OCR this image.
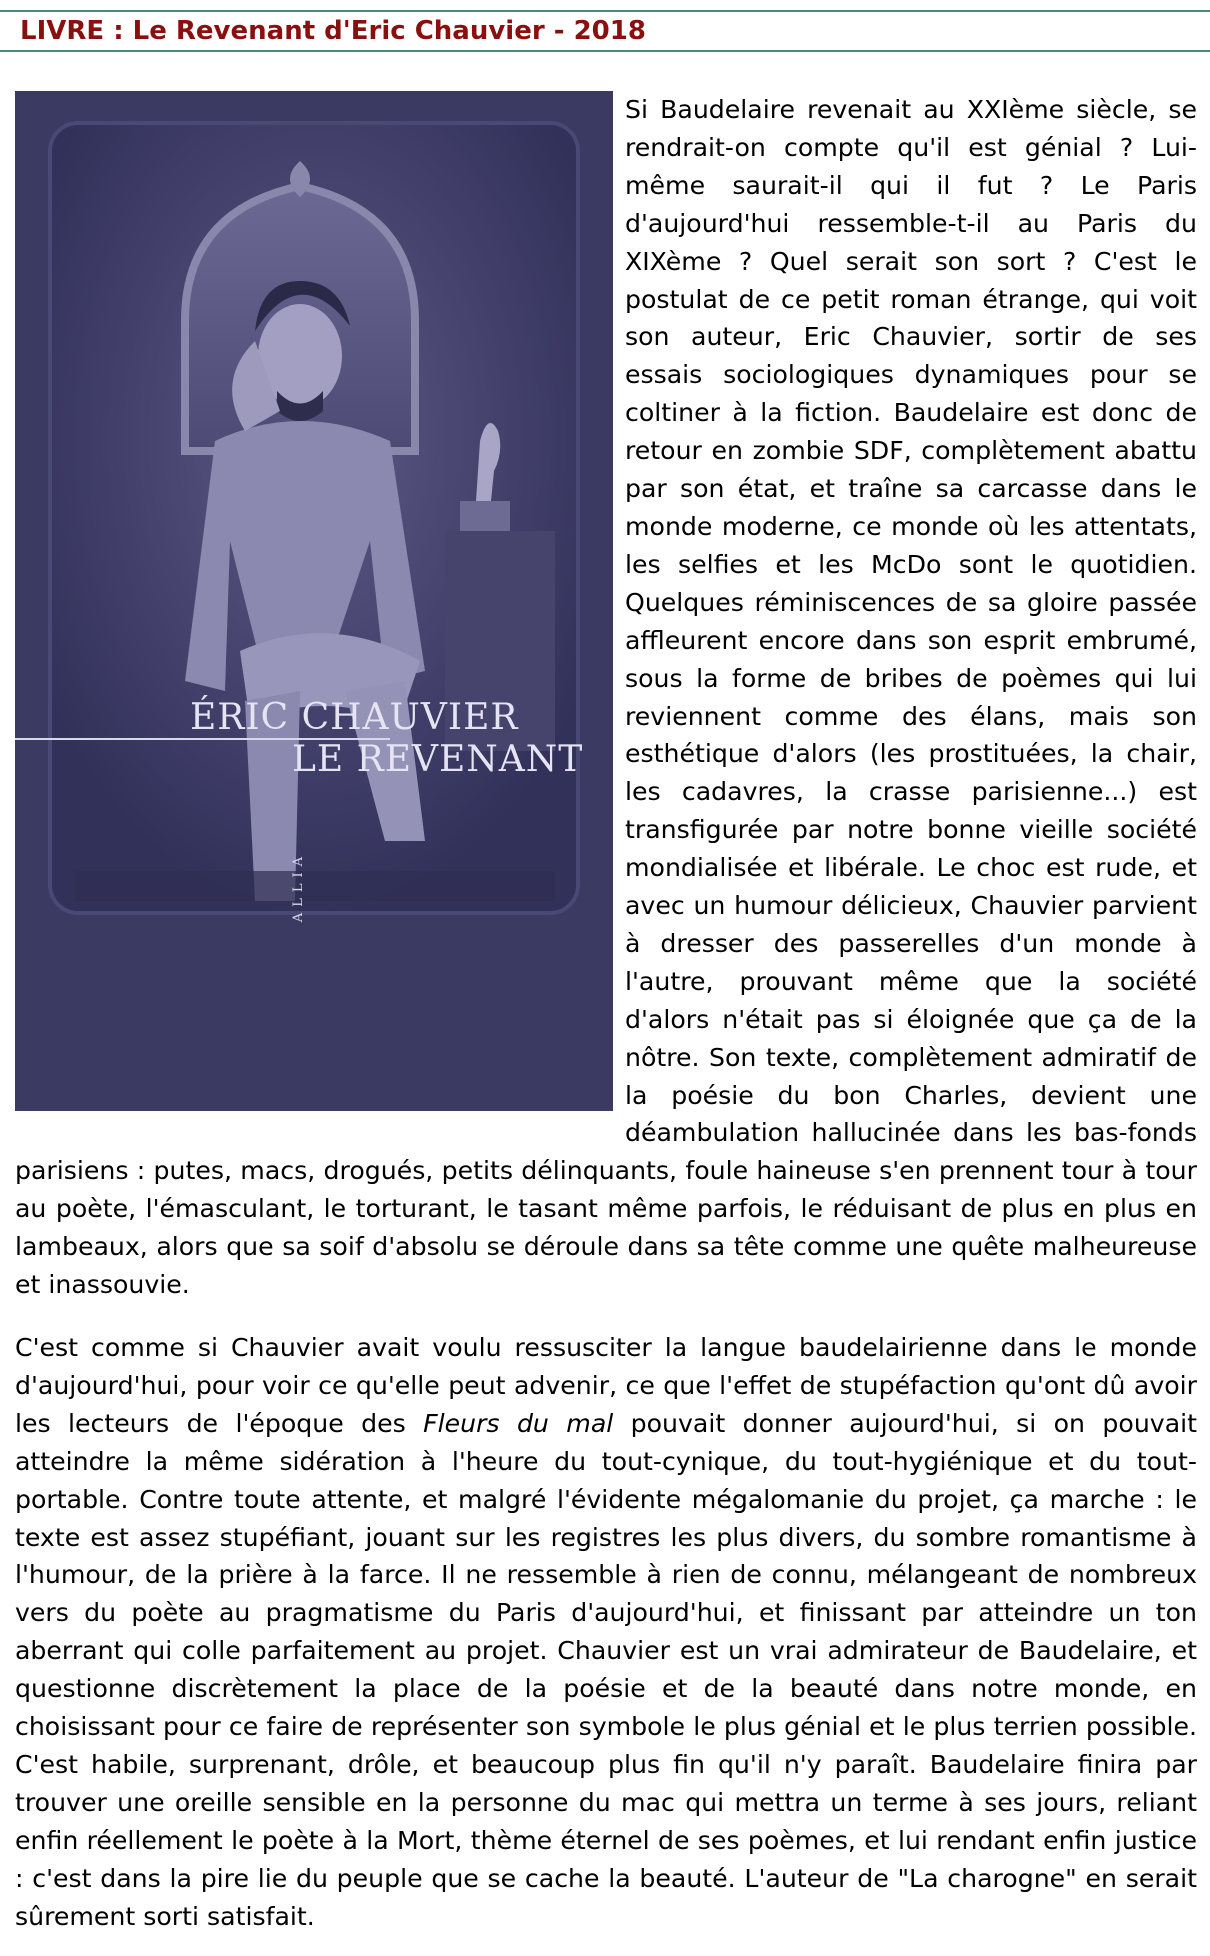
LIVRE : Le Revenant d'Eric Chauvier - 2018
ÉRIC CHAUVIER
LE REVENANT
ALLIA

Si Baudelaire revenait au XXIème siècle, se rendrait-on compte qu'il est génial ? Lui-même saurait-il qui il fut ? Le Paris d'aujourd'hui ressemble-t-il au Paris du XIXème ? Quel serait son sort ? C'est le postulat de ce petit roman étrange, qui voit son auteur, Eric Chauvier, sortir de ses essais sociologiques dynamiques pour se coltiner à la fiction. Baudelaire est donc de retour en zombie SDF, complètement abattu par son état, et traîne sa carcasse dans le monde moderne, ce monde où les attentats, les selfies et les McDo sont le quotidien. Quelques réminiscences de sa gloire passée affleurent encore dans son esprit embrumé, sous la forme de bribes de poèmes qui lui reviennent comme des élans, mais son esthétique d'alors (les prostituées, la chair, les cadavres, la crasse parisienne...) est transfigurée par notre bonne vieille société mondialisée et libérale. Le choc est rude, et avec un humour délicieux, Chauvier parvient à dresser des passerelles d'un monde à l'autre, prouvant même que la société d'alors n'était pas si éloignée que ça de la nôtre. Son texte, complètement admiratif de la poésie du bon Charles, devient une déambulation hallucinée dans les bas-fonds parisiens : putes, macs, drogués, petits délinquants, foule haineuse s'en prennent tour à tour au poète, l'émasculant, le torturant, le tasant même parfois, le réduisant de plus en plus en lambeaux, alors que sa soif d'absolu se déroule dans sa tête comme une quête malheureuse et inassouvie.

C'est comme si Chauvier avait voulu ressusciter la langue baudelairienne dans le monde d'aujourd'hui, pour voir ce qu'elle peut advenir, ce que l'effet de stupéfaction qu'ont dû avoir les lecteurs de l'époque des Fleurs du mal pouvait donner aujourd'hui, si on pouvait atteindre la même sidération à l'heure du tout-cynique, du tout-hygiénique et du tout-portable. Contre toute attente, et malgré l'évidente mégalomanie du projet, ça marche : le texte est assez stupéfiant, jouant sur les registres les plus divers, du sombre romantisme à l'humour, de la prière à la farce. Il ne ressemble à rien de connu, mélangeant de nombreux vers du poète au pragmatisme du Paris d'aujourd'hui, et finissant par atteindre un ton aberrant qui colle parfaitement au projet. Chauvier est un vrai admirateur de Baudelaire, et questionne discrètement la place de la poésie et de la beauté dans notre monde, en choisissant pour ce faire de représenter son symbole le plus génial et le plus terrien possible. C'est habile, surprenant, drôle, et beaucoup plus fin qu'il n'y paraît. Baudelaire finira par trouver une oreille sensible en la personne du mac qui mettra un terme à ses jours, reliant enfin réellement le poète à la Mort, thème éternel de ses poèmes, et lui rendant enfin justice : c'est dans la pire lie du peuple que se cache la beauté. L'auteur de "La charogne" en serait sûrement sorti satisfait.
